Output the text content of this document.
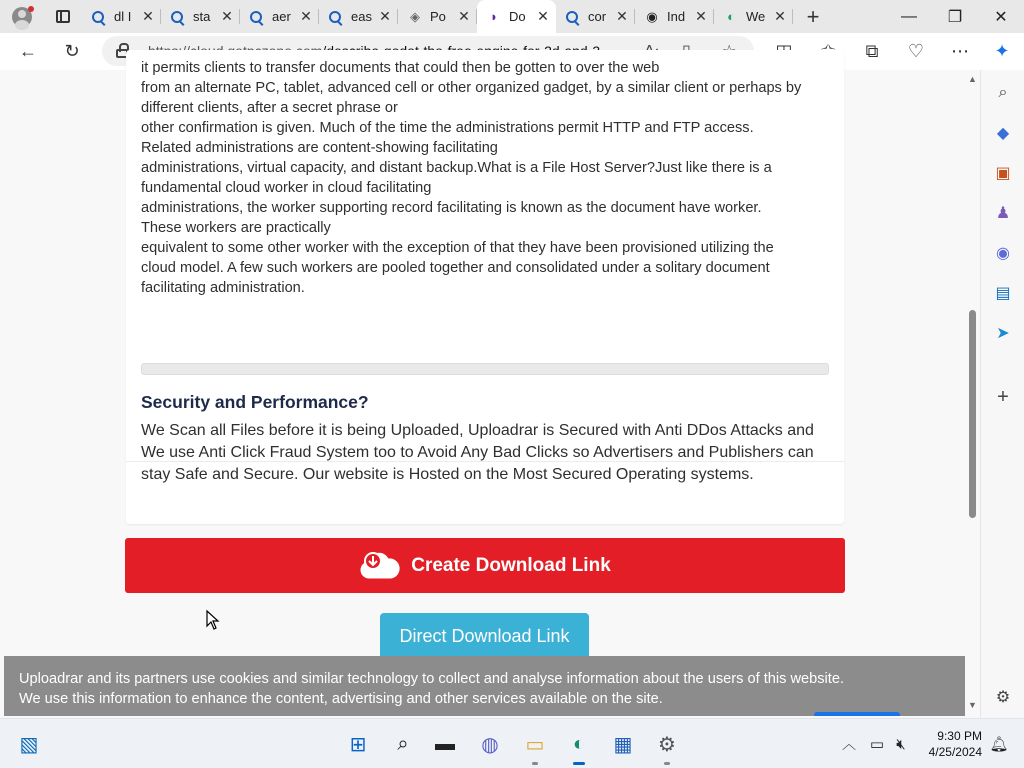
dl I ✕	sta ✕	aer ✕	eas ✕ ◈ Po ✕ ◗ Do ✕	cor ✕ ◉ Ind ✕ ◐ We ✕ +	—	❐	✕
← ↻	⧉ ♡ ⋯ ✦
it permits clients to transfer documents that could then be gotten to over the web
from an alternate PC, tablet, advanced cell or other organized gadget, by a similar client or perhaps by
different clients, after a secret phrase or
other confirmation is given. Much of the time the administrations permit HTTP and FTP access.
Related administrations are content-showing facilitating
administrations, virtual capacity, and distant backup.What is a File Host Server?Just like there is a
fundamental cloud worker in cloud facilitating
administrations, the worker supporting record facilitating is known as the document have worker.
These workers are practically
equivalent to some other worker with the exception of that they have been provisioned utilizing the
cloud model. A few such workers are pooled together and consolidated under a solitary document
facilitating administration.
Security and Performance?
We Scan all Files before it is being Uploaded, Uploadrar is Secured with Anti DDos Attacks and
We use Anti Click Fraud System too to Avoid Any Bad Clicks so Advertisers and Publishers can
stay Safe and Secure. Our website is Hosted on the Most Secured Operating systems.
Create Download Link
Direct Download Link
Uploadrar and its partners use cookies and similar technology to collect and analyse information about the users of this website.
We use this information to enhance the content, advertising and other services available on the site.
▲
▼
⌕
◆
▣
♟
◉
▤
➤
+
⚙
▧	⊞	⌕	▬	◍	▭	◐	▦	⚙	︿ ▭ 🔇︎	9:30 PM
4/25/2024 🔔︎
